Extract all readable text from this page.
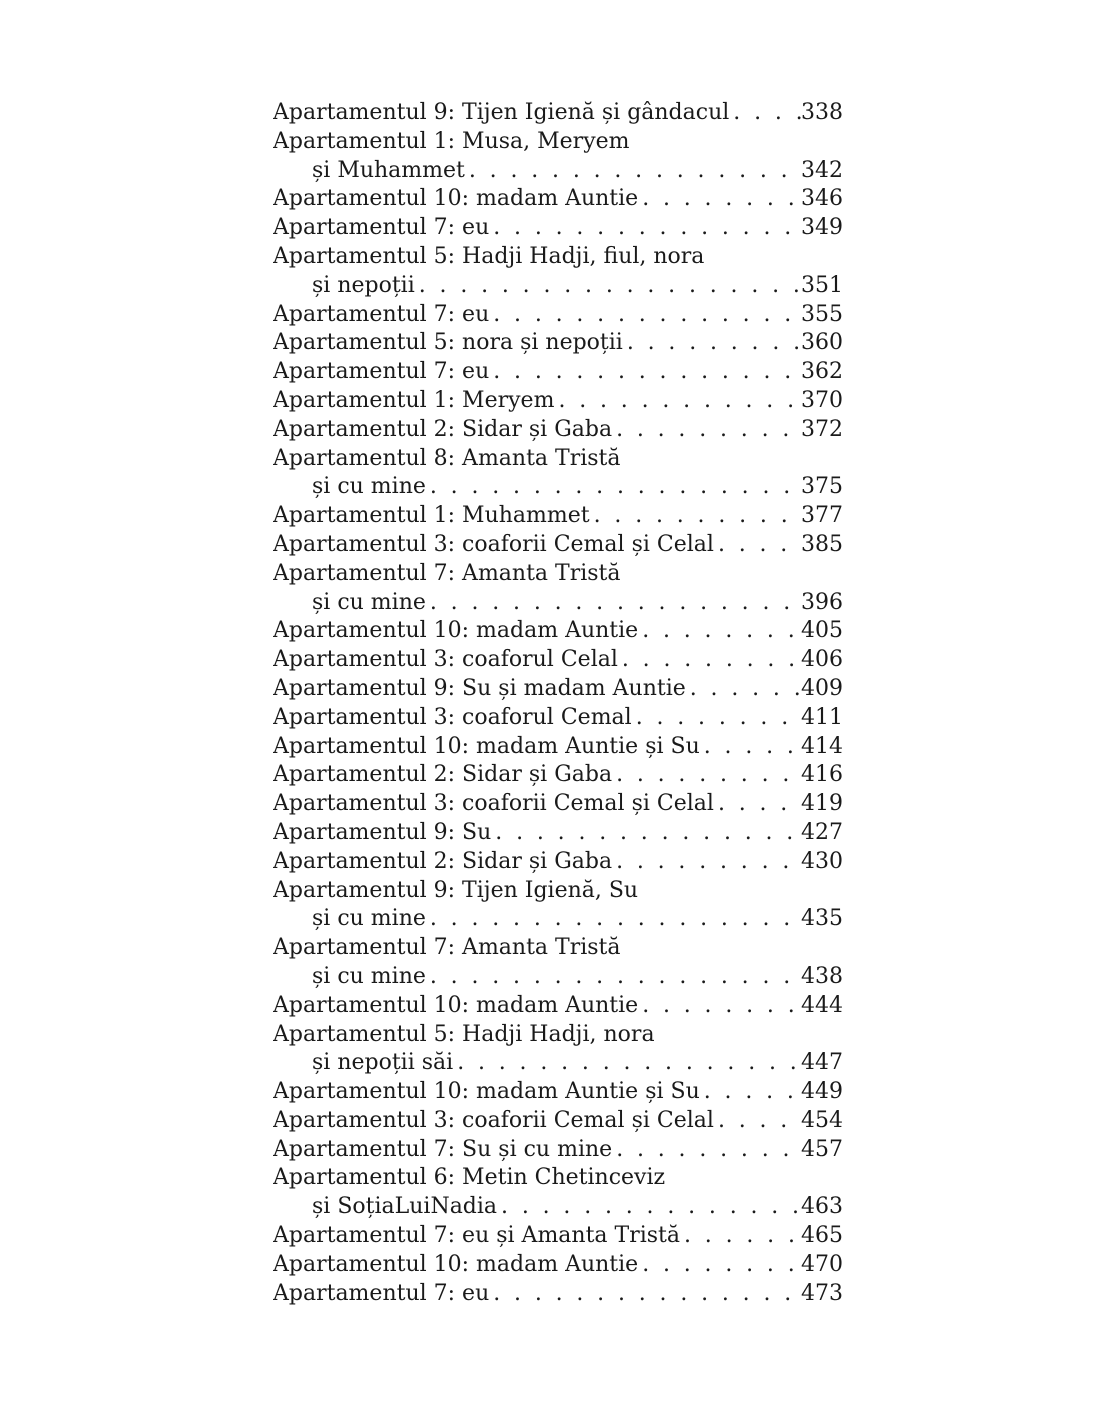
Apartamentul 9: Tijen Igienă și gândacul . . .	338
Apartamentul 1: Musa, Meryem
și Muhammet . . .	342
Apartamentul 10: madam Auntie . . .	346
Apartamentul 7: eu . . .	349
Apartamentul 5: Hadji Hadji, fiul, nora
și nepoții . . .	351
Apartamentul 7: eu . . .	355
Apartamentul 5: nora și nepoții . . .	360
Apartamentul 7: eu . . .	362
Apartamentul 1: Meryem . . .	370
Apartamentul 2: Sidar și Gaba . . .	372
Apartamentul 8: Amanta Tristă
și cu mine . . .	375
Apartamentul 1: Muhammet . . .	377
Apartamentul 3: coaforii Cemal și Celal . . .	385
Apartamentul 7: Amanta Tristă
și cu mine . . .	396
Apartamentul 10: madam Auntie . . .	405
Apartamentul 3: coaforul Celal . . .	406
Apartamentul 9: Su și madam Auntie . . .	409
Apartamentul 3: coaforul Cemal . . .	411
Apartamentul 10: madam Auntie și Su . . .	414
Apartamentul 2: Sidar și Gaba . . .	416
Apartamentul 3: coaforii Cemal și Celal . . .	419
Apartamentul 9: Su . . .	427
Apartamentul 2: Sidar și Gaba . . .	430
Apartamentul 9: Tijen Igienă, Su
și cu mine . . .	435
Apartamentul 7: Amanta Tristă
și cu mine . . .	438
Apartamentul 10: madam Auntie . . .	444
Apartamentul 5: Hadji Hadji, nora
și nepoții săi . . .	447
Apartamentul 10: madam Auntie și Su . . .	449
Apartamentul 3: coaforii Cemal și Celal . . .	454
Apartamentul 7: Su și cu mine . . .	457
Apartamentul 6: Metin Chetinceviz
și SoțiaLuiNadia . . .	463
Apartamentul 7: eu și Amanta Tristă . . .	465
Apartamentul 10: madam Auntie . . .	470
Apartamentul 7: eu . . .	473
